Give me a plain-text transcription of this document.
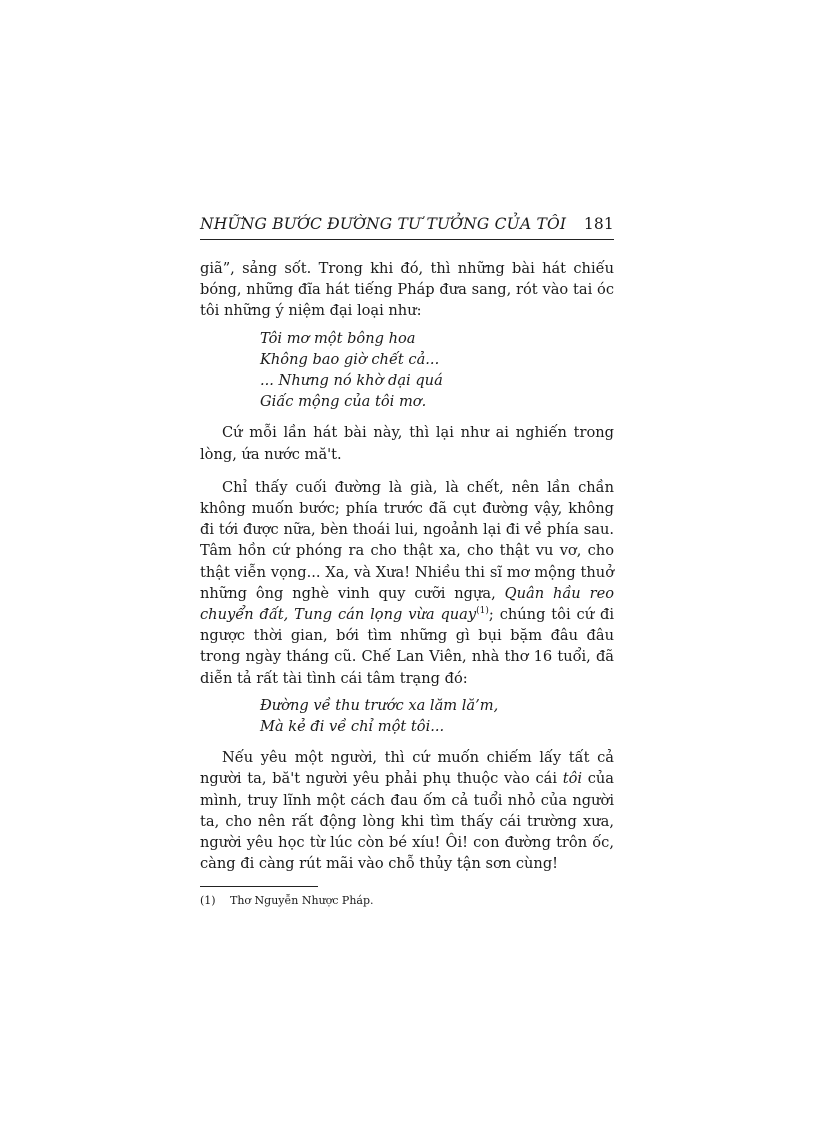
NHỮNG BƯỚC ĐƯỜNG TƯ TƯỞNG CỦA TÔI 181

giã”, sảng sốt. Trong khi đó, thì những bài hát chiếu bóng, những đĩa hát tiếng Pháp đưa sang, rót vào tai óc tôi những ý niệm đại loại như:

Tôi mơ một bông hoa
Không bao giờ chết cả...
... Nhưng nó khờ dại quá
Giấc mộng của tôi mơ.

Cứ mỗi lần hát bài này, thì lại như ai nghiến trong lòng, ứa nước mă't.

Chỉ thấy cuối đường là già, là chết, nên lần chần không muốn bước; phía trước đã cụt đường vậy, không đi tới được nữa, bèn thoái lui, ngoảnh lại đi về phía sau. Tâm hồn cứ phóng ra cho thật xa, cho thật vu vơ, cho thật viễn vọng... Xa, và Xưa! Nhiều thi sĩ mơ mộng thuở những ông nghè vinh quy cưỡi ngựa, Quân hầu reo chuyển đất, Tung cán lọng vừa quay$^{(1)}$; chúng tôi cứ đi ngược thời gian, bới tìm những gì bụi bặm đâu đâu trong ngày tháng cũ. Chế Lan Viên, nhà thơ 16 tuổi, đã diễn tả rất tài tình cái tâm trạng đó:

Đường về thu trước xa lăm lă’m,
Mà kẻ đi về chỉ một tôi...

Nếu yêu một người, thì cứ muốn chiếm lấy tất cả người ta, bă't người yêu phải phụ thuộc vào cái tôi của mình, truy lĩnh một cách đau ốm cả tuổi nhỏ của người ta, cho nên rất động lòng khi tìm thấy cái trường xưa, người yêu học từ lúc còn bé xíu! Ôi! con đường trôn ốc, càng đi càng rút mãi vào chỗ thủy tận sơn cùng!

(1) Thơ Nguyễn Nhược Pháp.
